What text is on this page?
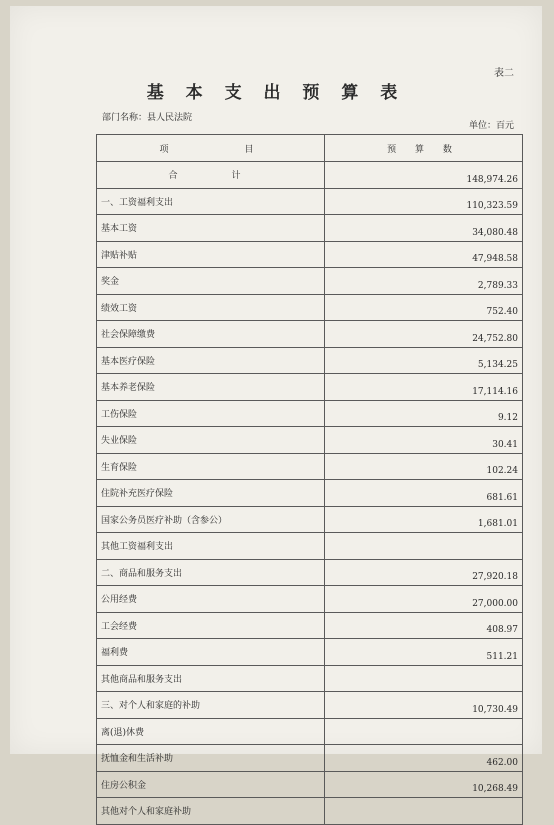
表二
基 本 支 出 预 算 表
部门名称：县人民法院
单位：百元
项　　　　目	预 算 数
合　　计	148,974.26
一、工资福利支出	110,323.59
基本工资	34,080.48
津贴补贴	47,948.58
奖金	2,789.33
绩效工资	752.40
社会保障缴费	24,752.80
基本医疗保险	5,134.25
基本养老保险	17,114.16
工伤保险	9.12
失业保险	30.41
生育保险	102.24
住院补充医疗保险	681.61
国家公务员医疗补助（含参公）	1,681.01
其他工资福利支出	
二、商品和服务支出	27,920.18
公用经费	27,000.00
工会经费	408.97
福利费	511.21
其他商品和服务支出	
三、对个人和家庭的补助	10,730.49
离(退)休费	
抚恤金和生活补助	462.00
住房公积金	10,268.49
其他对个人和家庭补助	
